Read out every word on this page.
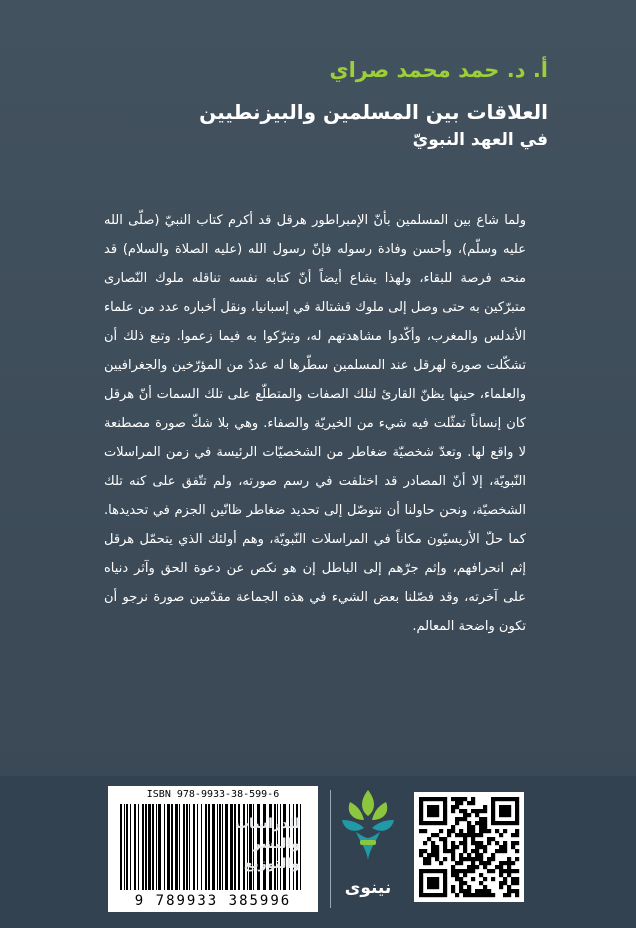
أ. د. حمد محمد صراي
العلاقات بين المسلمين والبيزنطيين
في العهد النبويّ
ولما شاع بين المسلمين بأنّ الإمبراطور هرقل قد أكرم كتاب النبيّ (صلّى الله عليه وسلّم)، وأحسن وفادة رسوله فإنّ رسول الله (عليه الصلاة والسلام) قد منحه فرصة للبقاء، ولهذا يشاع أيضاً أنّ كتابه نفسه تناقله ملوك النّصارى متبرّكين به حتى وصل إلى ملوك قشتالة في إسبانيا، ونقل أخباره عدد من علماء الأندلس والمغرب، وأكّدوا مشاهدتهم له، وتبرّكوا به فيما زعموا. وتبع ذلك أن تشكّلت صورة لهرقل عند المسلمين سطّرها له عددٌ من المؤرّخين والجغرافيين والعلماء، حينها يظنّ القارئ لتلك الصفات والمتطلّع على تلك السمات أنّ هرقل كان إنساناً تمثّلت فيه شيء من الخيريّة والصفاء. وهي بلا شكّ صورة مصطنعة لا واقع لها. وتعدّ شخصيّة ضغاطر من الشخصيّات الرئيسة في زمن المراسلات النّبويّة، إلا أنّ المصادر قد اختلفت في رسم صورته، ولم تتّفق على كنه تلك الشخصيّة، ونحن حاولنا أن نتوصّل إلى تحديد ضغاطر ظانّين الجزم في تحديدها. كما حلّ الأريسيّون مكاناً في المراسلات النّبويّة، وهم أولئك الذي يتحمّل هرقل إثم انحرافهم، وإثم جرّهم إلى الباطل إن هو نكص عن دعوة الحق وآثر دنياه على آخرته، وقد فصّلنا بعض الشيء في هذه الجماعة مقدّمين صورة نرجو أن تكون واضحة المعالم.
ISBN 978-9933-38-599-6
9 789933 385996
للدراسات
والنشر
والتوزيع
نينوى
